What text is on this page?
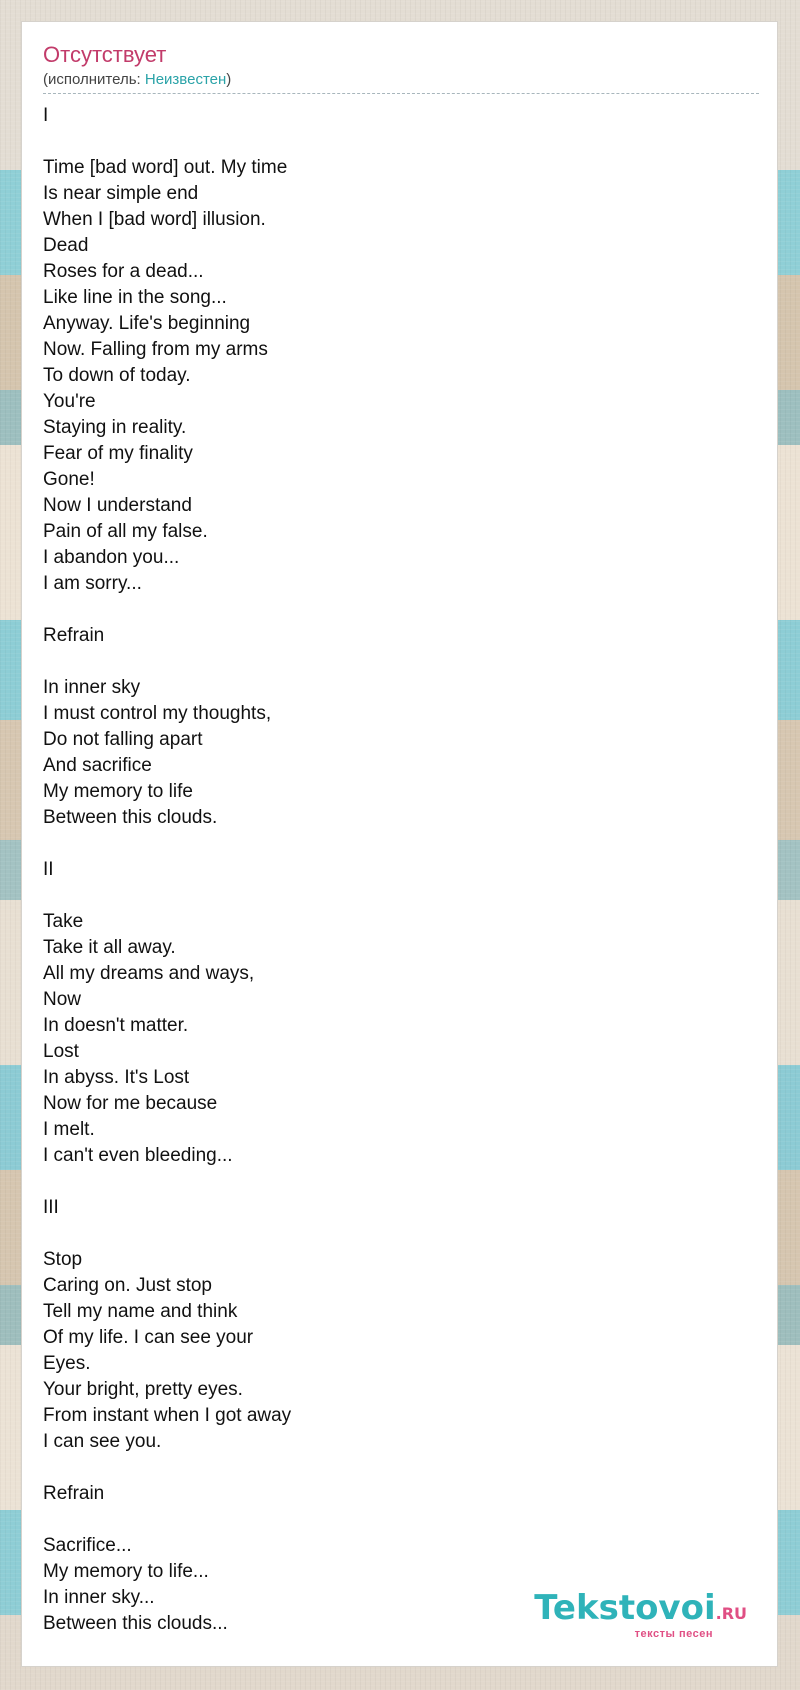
Отсутствует
(исполнитель: Неизвестен)
I
Time [bad word] out. My time
Is near simple end
When I [bad word] illusion.
Dead
Roses for a dead...
Like line in the song...
Anyway. Life's beginning
Now. Falling from my arms
To down of today.
You're
Staying in reality.
Fear of my finality
Gone!
Now I understand
Pain of all my false.
I abandon you...
I am sorry...
Refrain
In inner sky
I must control my thoughts,
Do not falling apart
And sacrifice
My memory to life
Between this clouds.
II
Take
Take it all away.
All my dreams and ways,
Now
In doesn't matter.
Lost
In abyss. It's Lost
Now for me because
I melt.
I can't even bleeding...
III
Stop
Caring on. Just stop
Tell my name and think
Of my life. I can see your
Eyes.
Your bright, pretty eyes.
From instant when I got away
I can see you.
Refrain
Sacrifice...
My memory to life...
In inner sky...
Between this clouds...	Tekstovoi.RU
тексты песен
